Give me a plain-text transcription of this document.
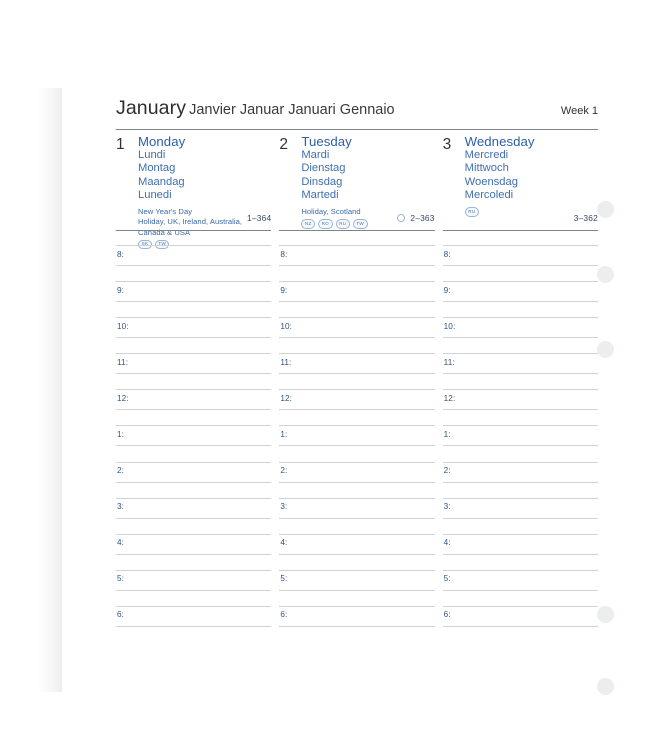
January Janvier Januar Januari Gennaio	Week 1
1	Monday
Lundi
Montag
Maandag
Lunedi
New Year's Day
Holiday, UK, Ireland, Australia,
Canada & USA
SK	TW
1–364
2	Tuesday
Mardi
Dienstag
Dinsdag
Martedi
Holiday, Scotland
NZ	RO	RU	TW
2–363
3	Wednesday
Mercredi
Mittwoch
Woensdag
Mercoledi
RU
3–362
8:
9:
10:
11:
12:
1:
2:
3:
4:
5:
6:
8:
9:
10:
11:
12:
1:
2:
3:
4:
5:
6:
8:
9:
10:
11:
12:
1:
2:
3:
4:
5:
6:
